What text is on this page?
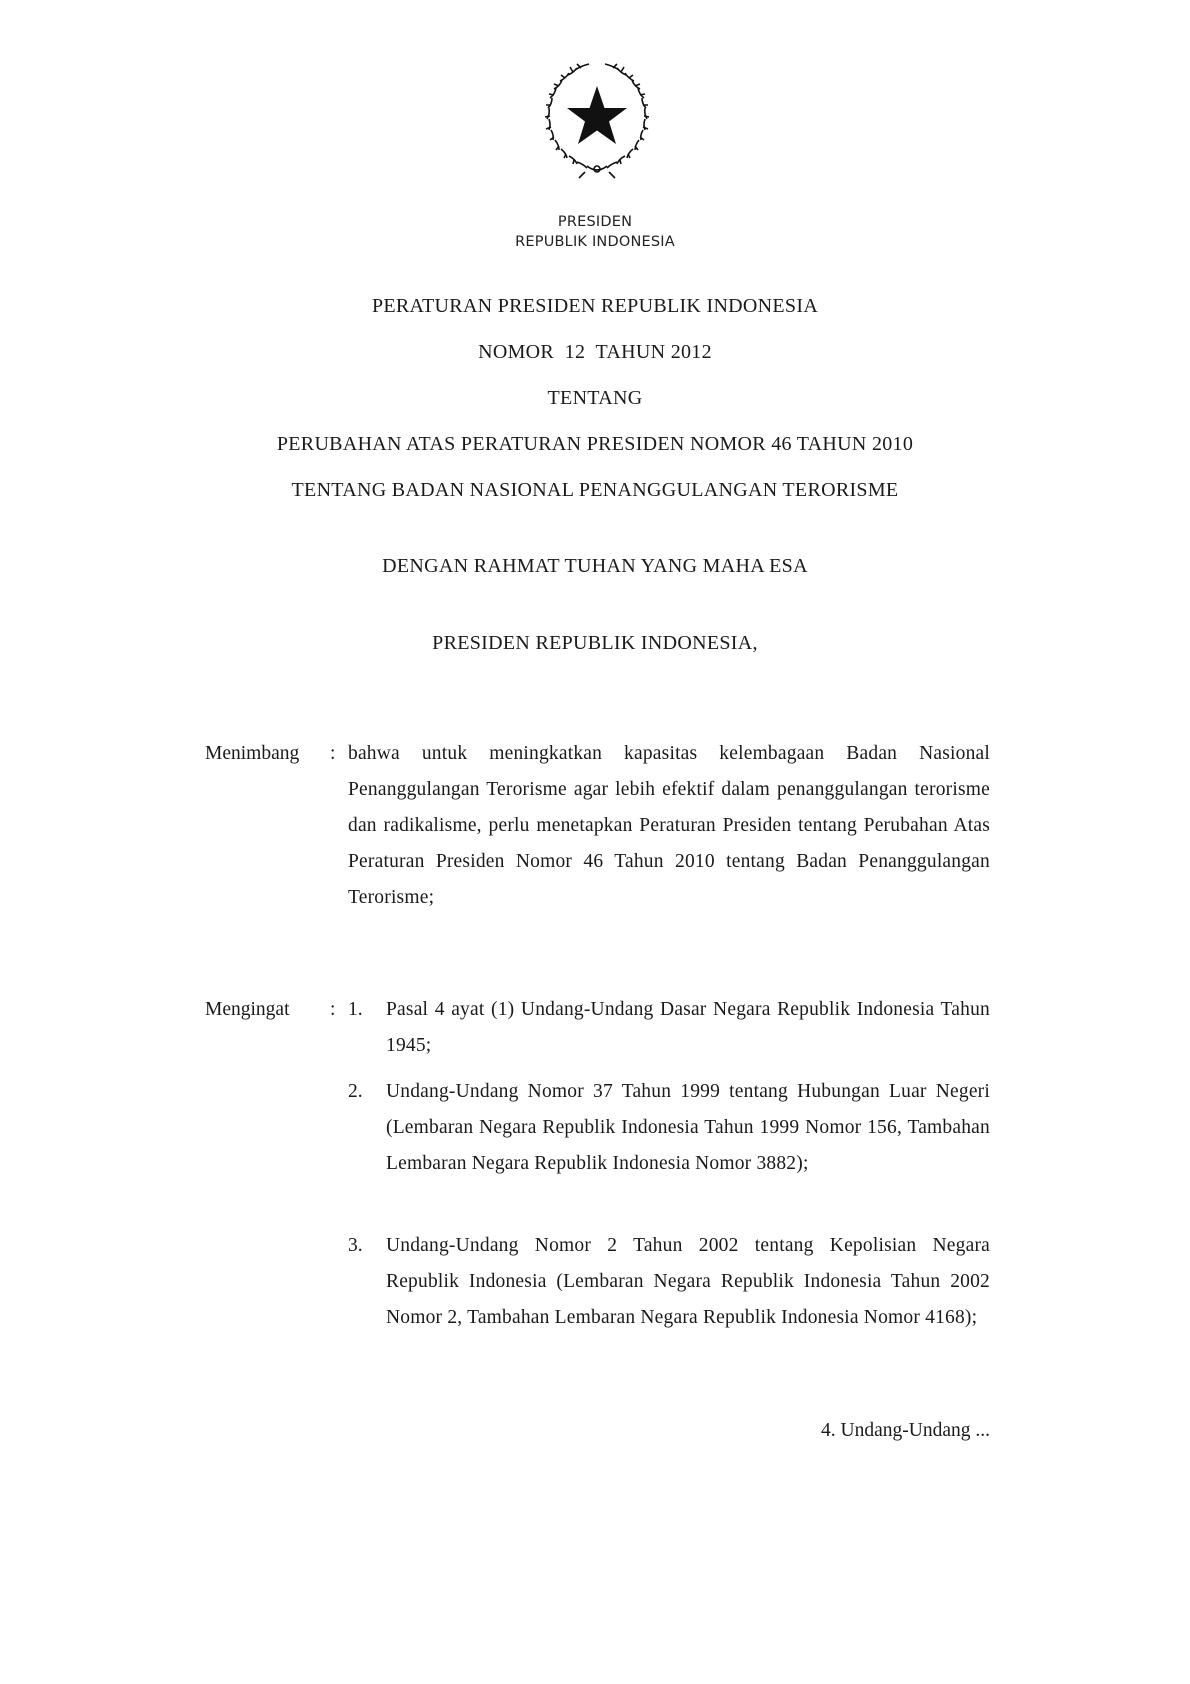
PRESIDEN
REPUBLIK INDONESIA
PERATURAN PRESIDEN REPUBLIK INDONESIA
NOMOR  12  TAHUN 2012
TENTANG
PERUBAHAN ATAS PERATURAN PRESIDEN NOMOR 46 TAHUN 2010
TENTANG BADAN NASIONAL PENANGGULANGAN TERORISME
DENGAN RAHMAT TUHAN YANG MAHA ESA
PRESIDEN REPUBLIK INDONESIA,
Menimbang : bahwa untuk meningkatkan kapasitas kelembagaan Badan Nasional Penanggulangan Terorisme agar lebih efektif dalam penanggulangan terorisme dan radikalisme, perlu menetapkan Peraturan Presiden tentang Perubahan Atas Peraturan Presiden Nomor 46 Tahun 2010 tentang Badan Penanggulangan Terorisme;
Mengingat : 1. Pasal 4 ayat (1) Undang-Undang Dasar Negara Republik Indonesia Tahun 1945;
2. Undang-Undang Nomor 37 Tahun 1999 tentang Hubungan Luar Negeri (Lembaran Negara Republik Indonesia Tahun 1999 Nomor 156, Tambahan Lembaran Negara Republik Indonesia Nomor 3882);
3. Undang-Undang Nomor 2 Tahun 2002 tentang Kepolisian Negara Republik Indonesia (Lembaran Negara Republik Indonesia Tahun 2002 Nomor 2, Tambahan Lembaran Negara Republik Indonesia Nomor 4168);
4. Undang-Undang ...
